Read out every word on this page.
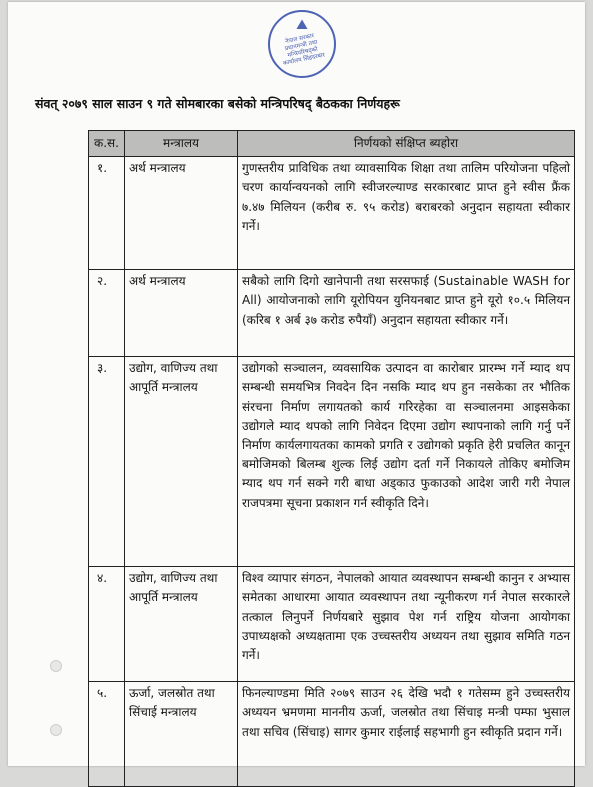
⛰
नेपाल सरकार प्रधानमन्त्री तथा मन्त्रिपरिषद्को कार्यालय सिंहदरबार
संवत् २०७९ साल साउन ९ गते सोमबारका बसेको मन्त्रिपरिषद् बैठकका निर्णयहरू
क.स.	मन्त्रालय	निर्णयको संक्षिप्त ब्यहोरा
१.	अर्थ मन्त्रालय	गुणस्तरीय प्राविधिक तथा व्यावसायिक शिक्षा तथा तालिम परियोजना पहिलो चरण कार्यान्वयनको लागि स्वीजरल्याण्ड सरकारबाट प्राप्त हुने स्वीस फ्रैंक ७.४७ मिलियन (करीब रु. ९५ करोड) बराबरको अनुदान सहायता स्वीकार गर्ने।
२.	अर्थ मन्त्रालय	सबैको लागि दिगो खानेपानी तथा सरसफाई (Sustainable WASH for All) आयोजनाको लागि यूरोपियन युनियनबाट प्राप्त हुने यूरो १०.५ मिलियन (करिब १ अर्ब ३७ करोड रुपैयाँ) अनुदान सहायता स्वीकार गर्ने।
३.	उद्योग, वाणिज्य तथा आपूर्ति मन्त्रालय	उद्योगको सञ्चालन, व्यवसायिक उत्पादन वा कारोबार प्रारम्भ गर्ने म्याद थप सम्बन्धी समयभित्र निवदेन दिन नसकि म्याद थप हुन नसकेका तर भौतिक संरचना निर्माण लगायतको कार्य गरिरहेका वा सञ्चालनमा आइसकेका उद्योगले म्याद थपको लागि निवेदन दिएमा उद्योग स्थापनाको लागि गर्नु पर्ने निर्माण कार्यलगायतका कामको प्रगति र उद्योगको प्रकृति हेरी प्रचलित कानून बमोजिमको बिलम्ब शुल्क लिई उद्योग दर्ता गर्ने निकायले तोकिए बमोजिम म्याद थप गर्न सक्ने गरी बाधा अड्काउ फुकाउको आदेश जारी गरी नेपाल राजपत्रमा सूचना प्रकाशन गर्न स्वीकृति दिने।
४.	उद्योग, वाणिज्य तथा आपूर्ति मन्त्रालय	विश्व व्यापार संगठन, नेपालको आयात व्यवस्थापन सम्बन्धी कानुन र अभ्यास समेतका आधारमा आयात व्यवस्थापन तथा न्यूनीकरण गर्न नेपाल सरकारले तत्काल लिनुपर्ने निर्णयबारे सुझाव पेश गर्न राष्ट्रिय योजना आयोगका उपाध्यक्षको अध्यक्षतामा एक उच्चस्तरीय अध्ययन तथा सुझाव समिति गठन गर्ने।
५.	ऊर्जा, जलस्रोत तथा सिंचाई मन्त्रालय	फिनल्याण्डमा मिति २०७९ साउन २६ देखि भदौ १ गतेसम्म हुने उच्चस्तरीय अध्ययन भ्रमणमा माननीय ऊर्जा, जलस्रोत तथा सिंचाइ मन्त्री पम्फा भुसाल तथा सचिव (सिंचाइ) सागर कुमार राईलाई सहभागी हुन स्वीकृति प्रदान गर्ने।
